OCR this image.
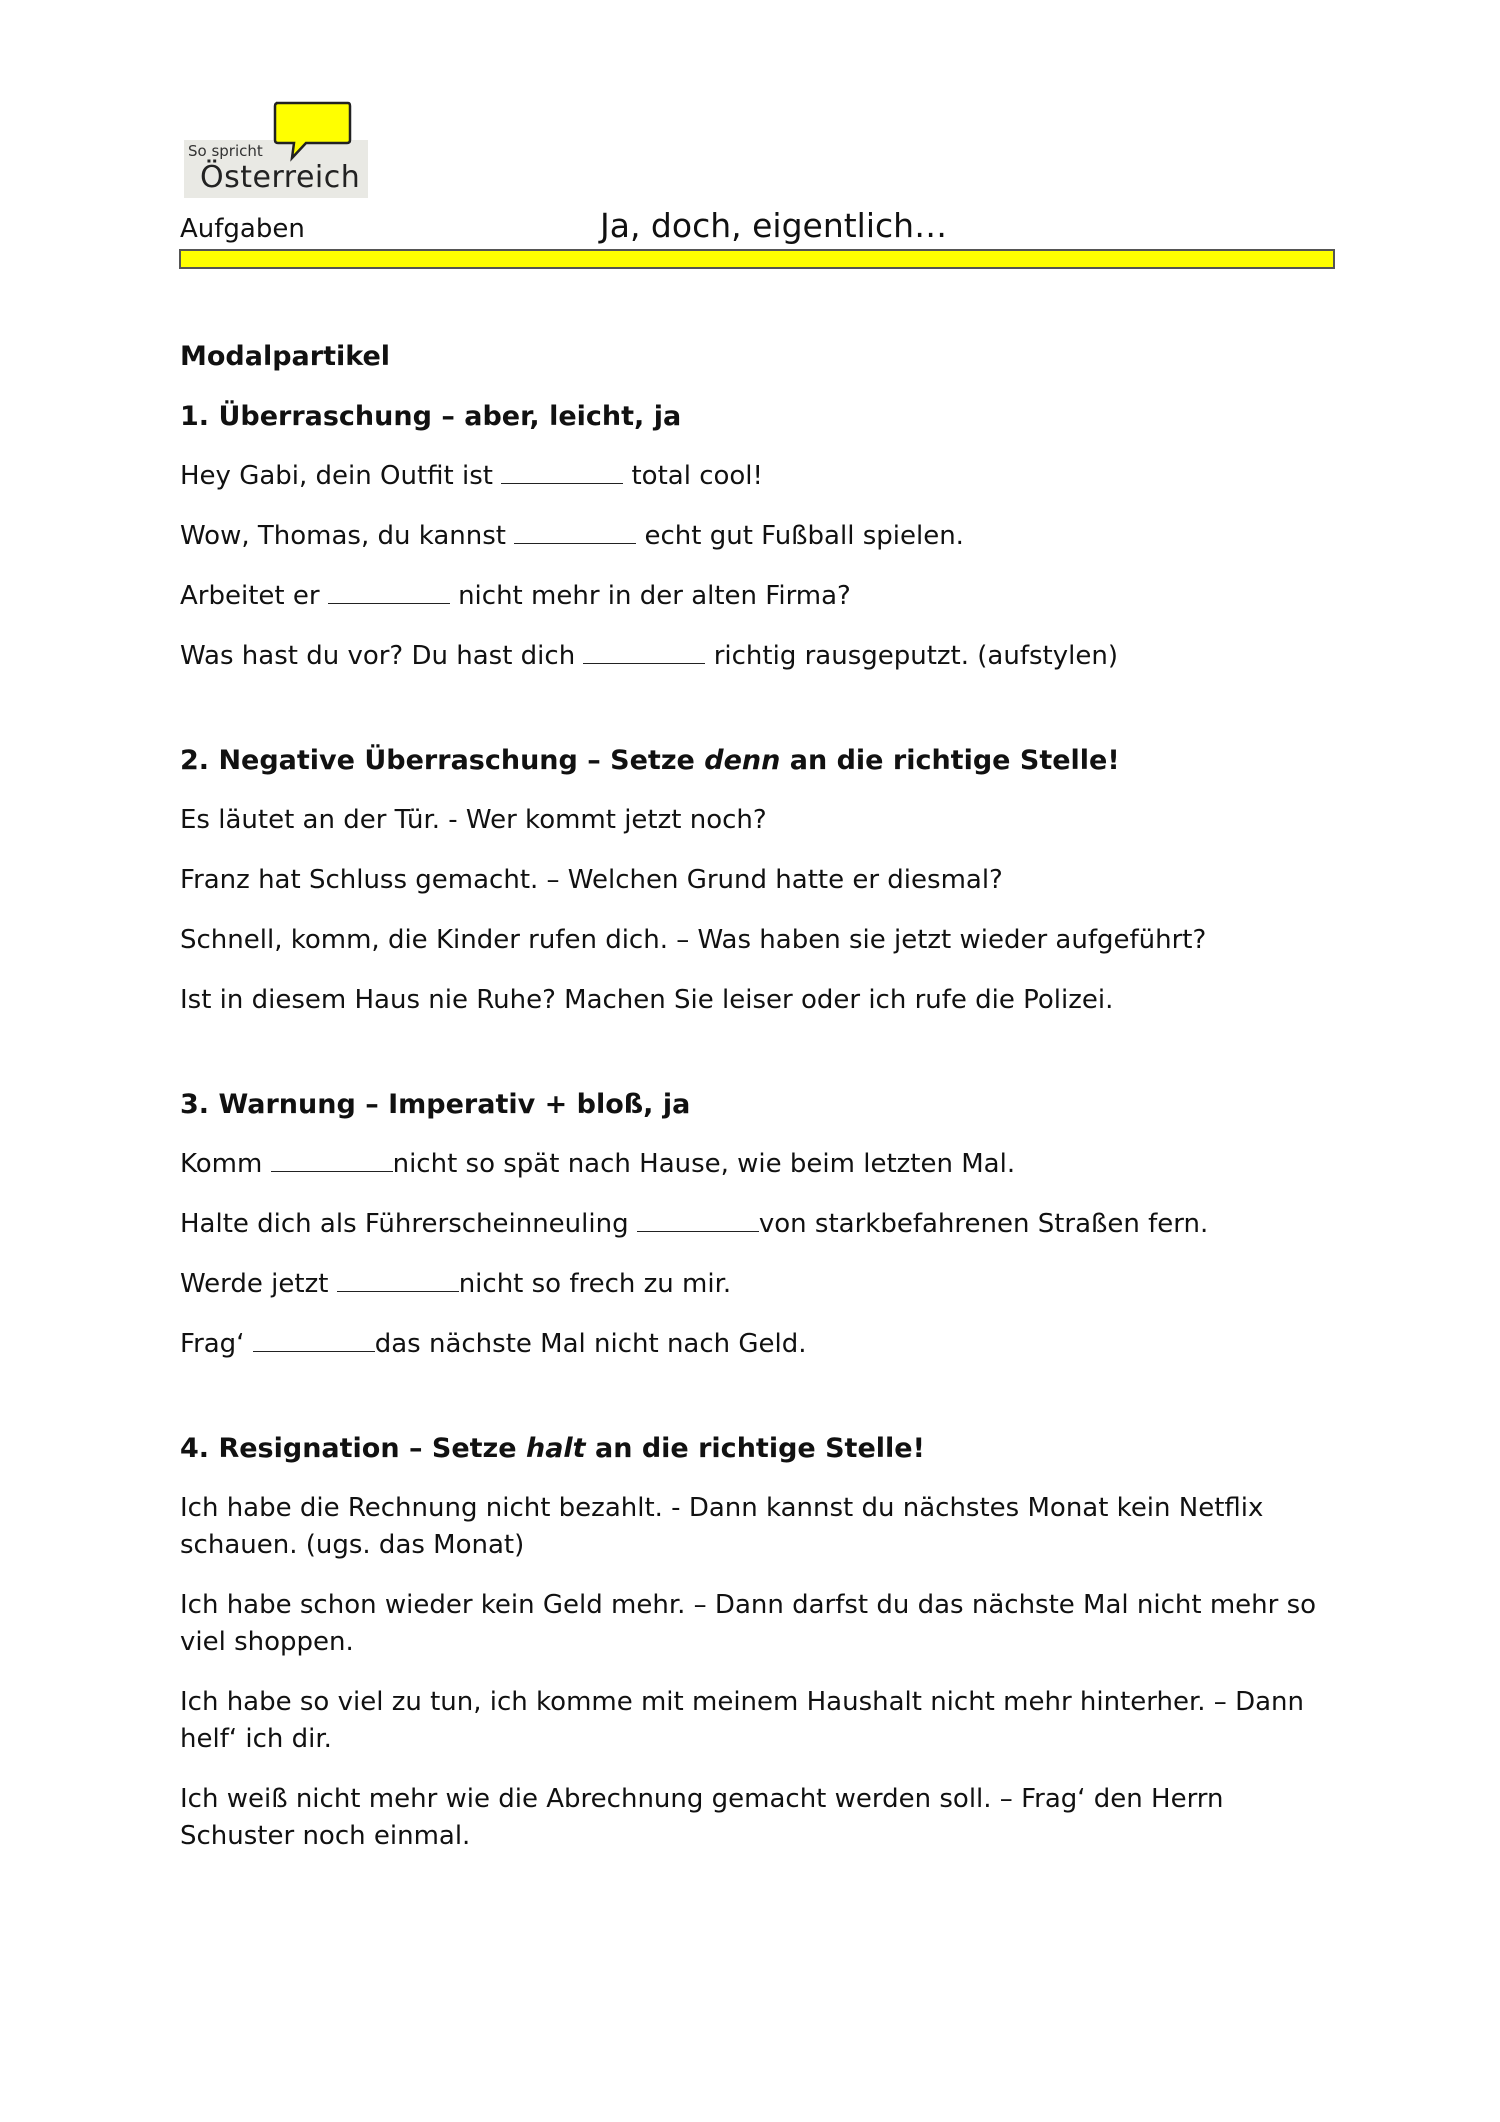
So spricht
Österreich
Aufgaben	Ja, doch, eigentlich…
Modalpartikel
1. Überraschung – aber, leicht, ja
Hey Gabi, dein Outfit ist	total cool!
Wow, Thomas, du kannst	echt gut Fußball spielen.
Arbeitet er	nicht mehr in der alten Firma?
Was hast du vor? Du hast dich	richtig rausgeputzt. (aufstylen)
2. Negative Überraschung – Setze denn an die richtige Stelle!
Es läutet an der Tür. - Wer kommt jetzt noch?
Franz hat Schluss gemacht. – Welchen Grund hatte er diesmal?
Schnell, komm, die Kinder rufen dich. – Was haben sie jetzt wieder aufgeführt?
Ist in diesem Haus nie Ruhe? Machen Sie leiser oder ich rufe die Polizei.
3. Warnung – Imperativ + bloß, ja
Komm	nicht so spät nach Hause, wie beim letzten Mal.
Halte dich als Führerscheinneuling	von starkbefahrenen Straßen fern.
Werde jetzt	nicht so frech zu mir.
Frag‘	das nächste Mal nicht nach Geld.
4. Resignation – Setze halt an die richtige Stelle!
Ich habe die Rechnung nicht bezahlt. - Dann kannst du nächstes Monat kein Netflix schauen. (ugs. das Monat)
Ich habe schon wieder kein Geld mehr. – Dann darfst du das nächste Mal nicht mehr so viel shoppen.
Ich habe so viel zu tun, ich komme mit meinem Haushalt nicht mehr hinterher. – Dann helf‘ ich dir.
Ich weiß nicht mehr wie die Abrechnung gemacht werden soll. – Frag‘ den Herrn Schuster noch einmal.
